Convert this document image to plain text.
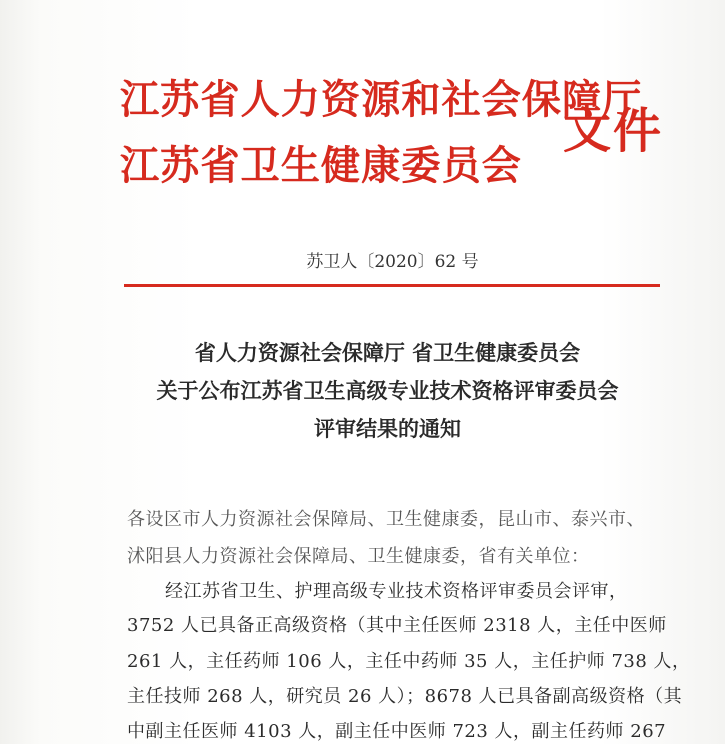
江苏省人力资源和社会保障厅
江苏省卫生健康委员会
文件
苏卫人〔2020〕62 号
省人力资源社会保障厅 省卫生健康委员会
关于公布江苏省卫生高级专业技术资格评审委员会
评审结果的通知
各设区市人力资源社会保障局、卫生健康委，昆山市、泰兴市、
沭阳县人力资源社会保障局、卫生健康委，省有关单位：
经江苏省卫生、护理高级专业技术资格评审委员会评审，
3752 人已具备正高级资格（其中主任医师 2318 人，主任中医师
261 人，主任药师 106 人，主任中药师 35 人，主任护师 738 人，
主任技师 268 人，研究员 26 人）；8678 人已具备副高级资格（其
中副主任医师 4103 人，副主任中医师 723 人，副主任药师 267
